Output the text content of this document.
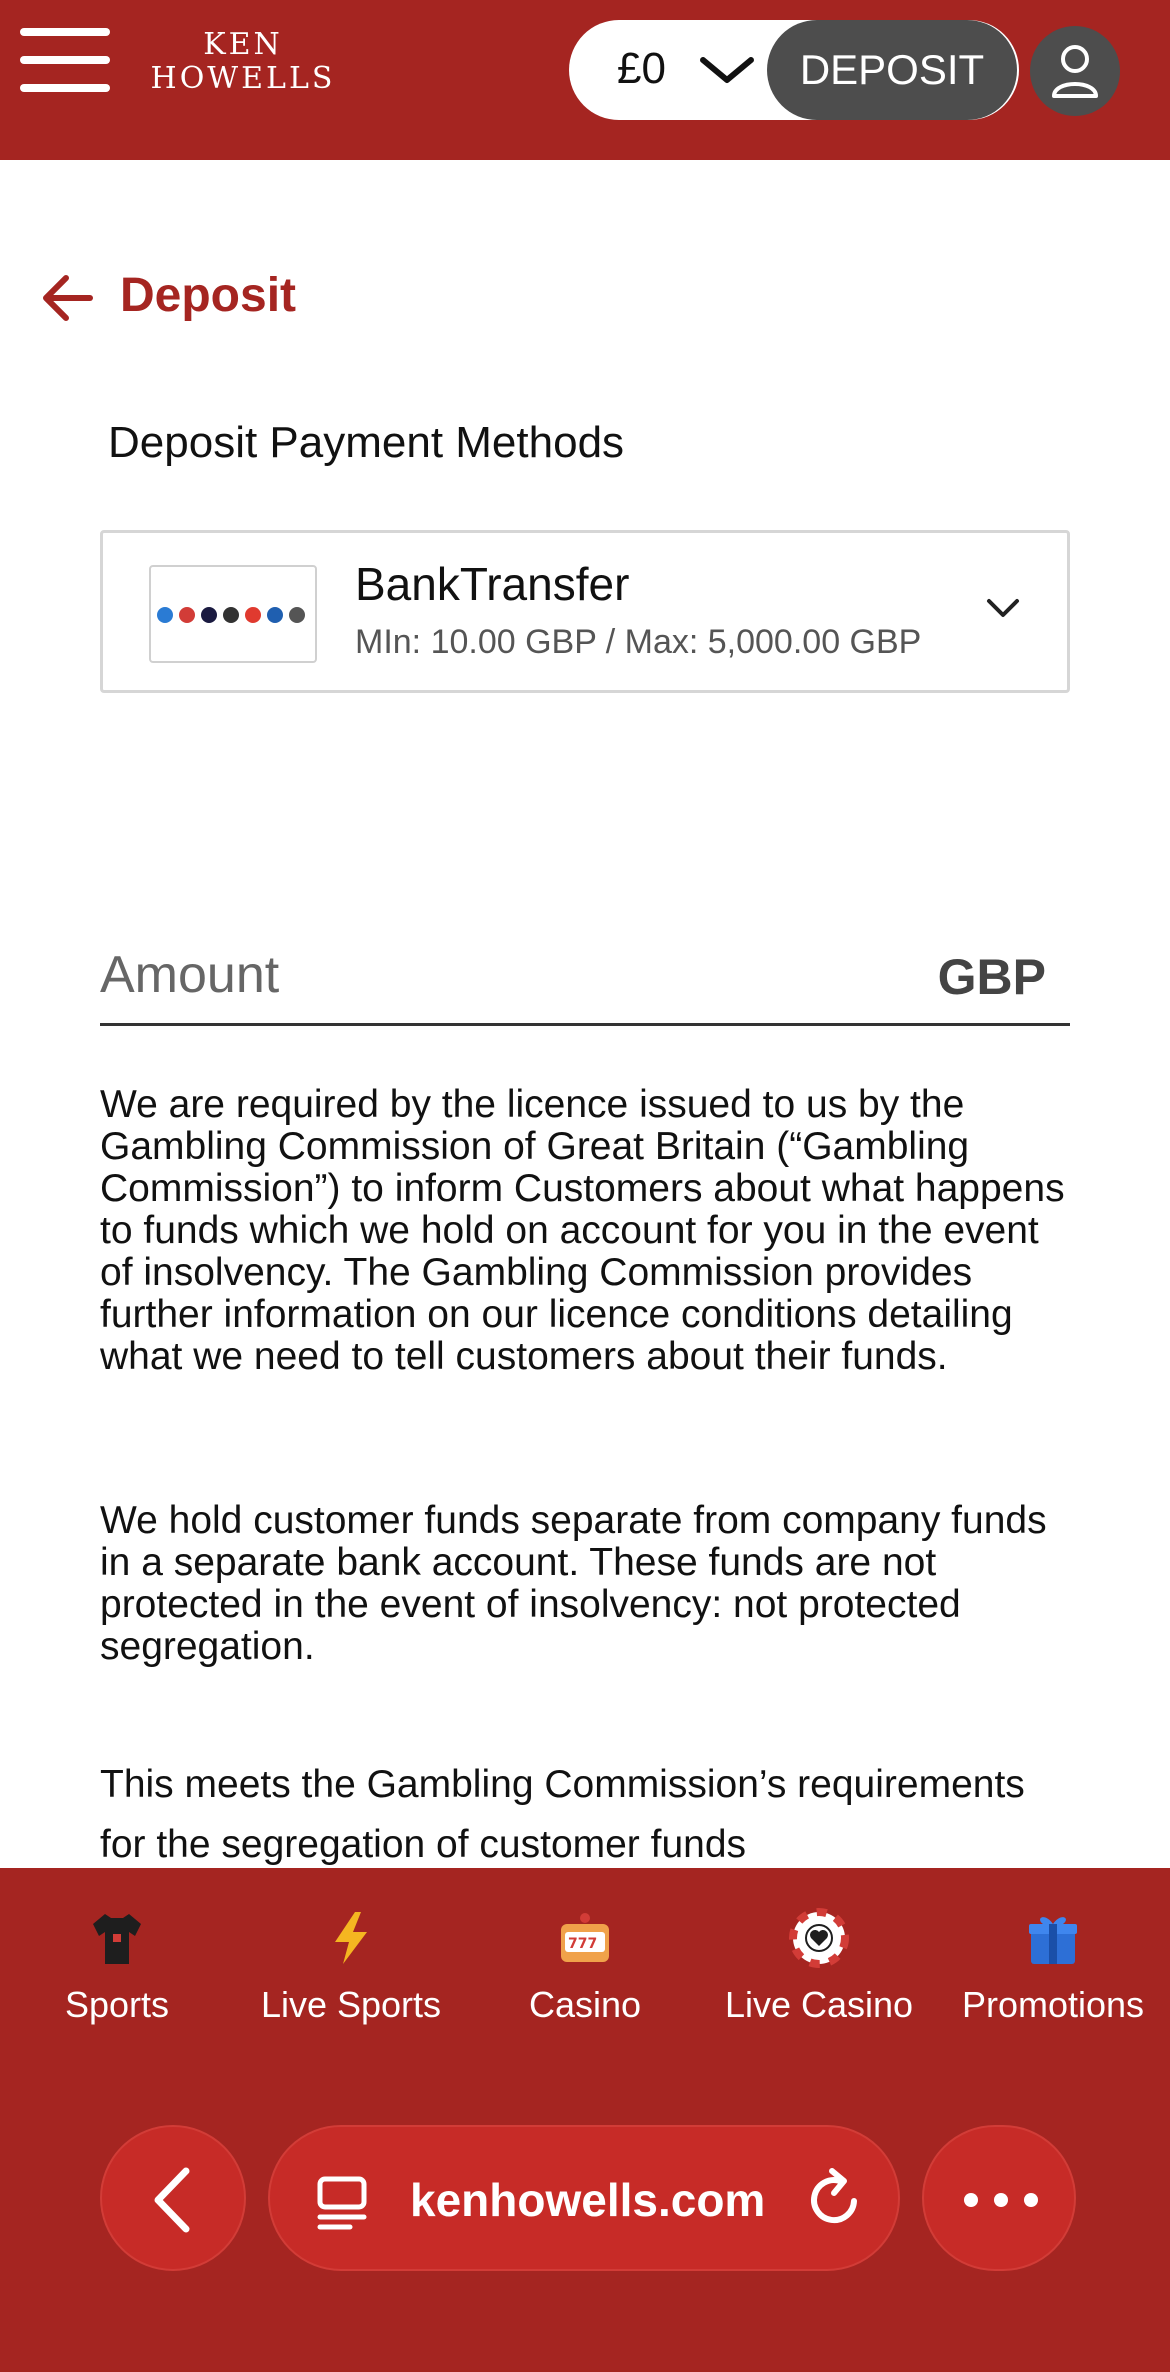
KEN
HOWELLS	£0	DEPOSIT
Deposit
Deposit Payment Methods
BankTransfer
MIn: 10.00 GBP / Max: 5,000.00 GBP
Amount
GBP

We are required by the licence issued to us by the Gambling Commission of Great Britain (“Gambling Commission”) to inform Customers about what happens to funds which we hold on account for you in the event of insolvency. The Gambling Commission provides further information on our licence conditions detailing what we need to tell customers about their funds.

We hold customer funds separate from company funds in a separate bank account. These funds are not protected in the event of insolvency: not protected segregation.

This meets the Gambling Commission’s requirements for the segregation of customer funds

Sports	Live Sports
777
Casino	Live Casino	Promotions
kenhowells.com
